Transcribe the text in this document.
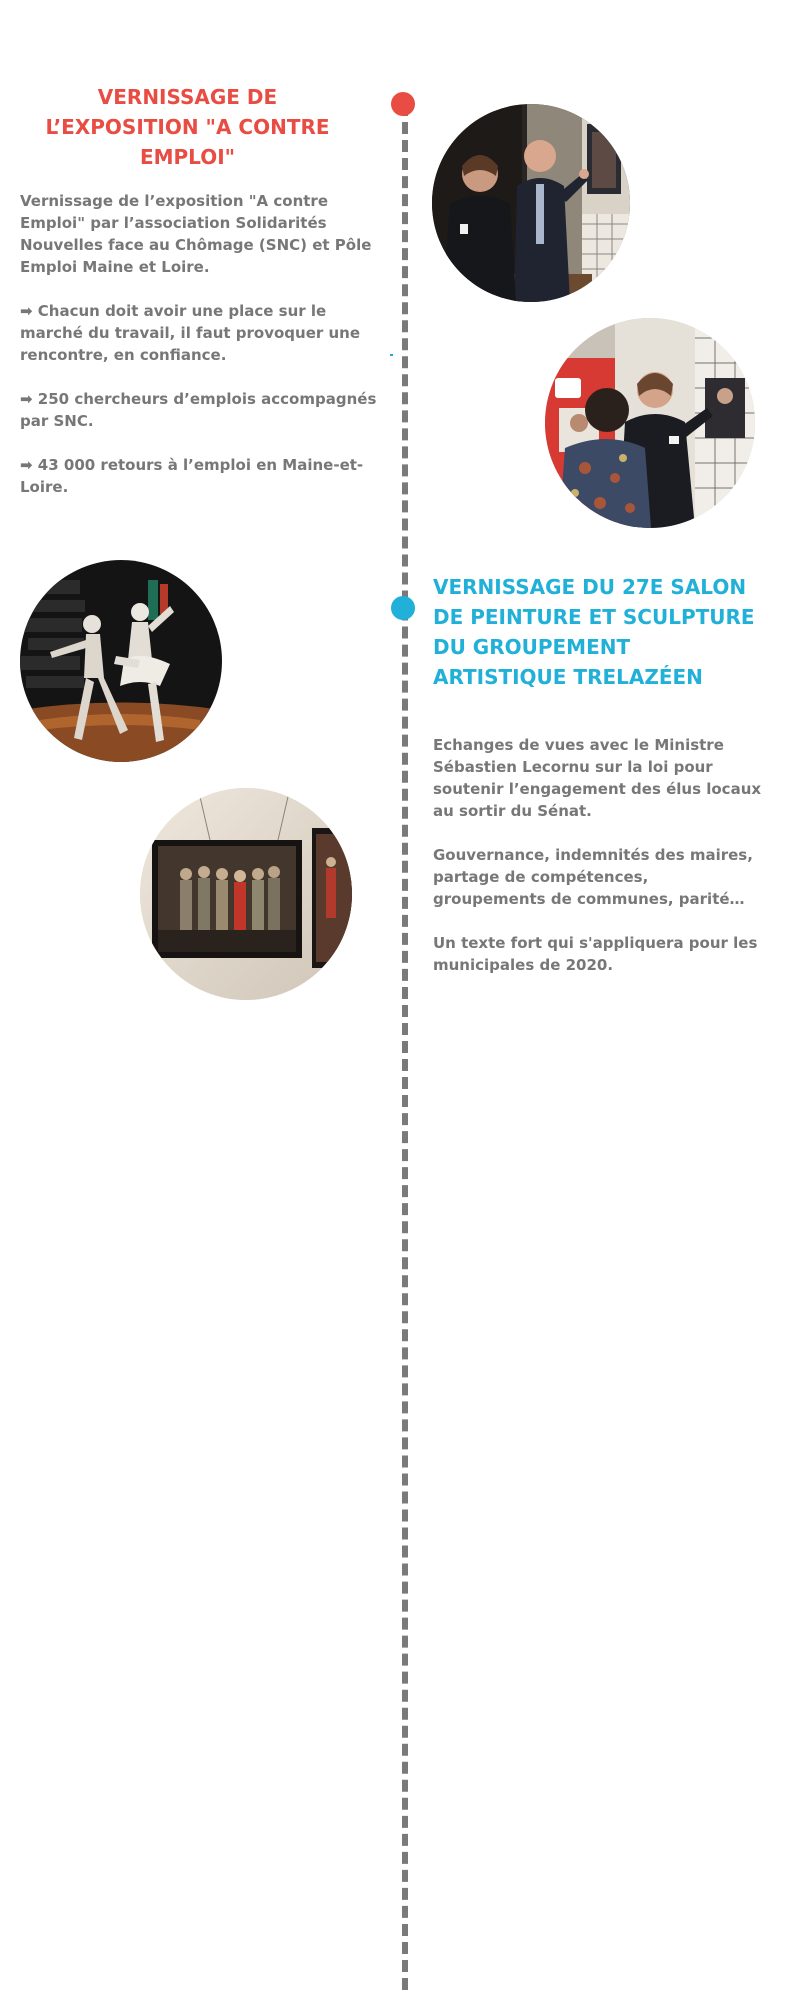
VERNISSAGE DE L’EXPOSITION "A CONTRE EMPLOI"

Vernissage de l’exposition "A contre Emploi" par l’association Solidarités Nouvelles face au Chômage (SNC) et Pôle Emploi Maine et Loire.

➡ Chacun doit avoir une place sur le marché du travail, il faut provoquer une rencontre, en confiance.

➡ 250 chercheurs d’emplois accompagnés par SNC.

➡ 43 000 retours à l’emploi en Maine-et-Loire.

VERNISSAGE DU 27E SALON DE PEINTURE ET SCULPTURE DU GROUPEMENT ARTISTIQUE TRELAZÉEN

Echanges de vues avec le Ministre Sébastien Lecornu sur la loi pour soutenir l’engagement des élus locaux au sortir du Sénat.

Gouvernance, indemnités des maires, partage de compétences, groupements de communes, parité…

Un texte fort qui s'appliquera pour les municipales de 2020.
